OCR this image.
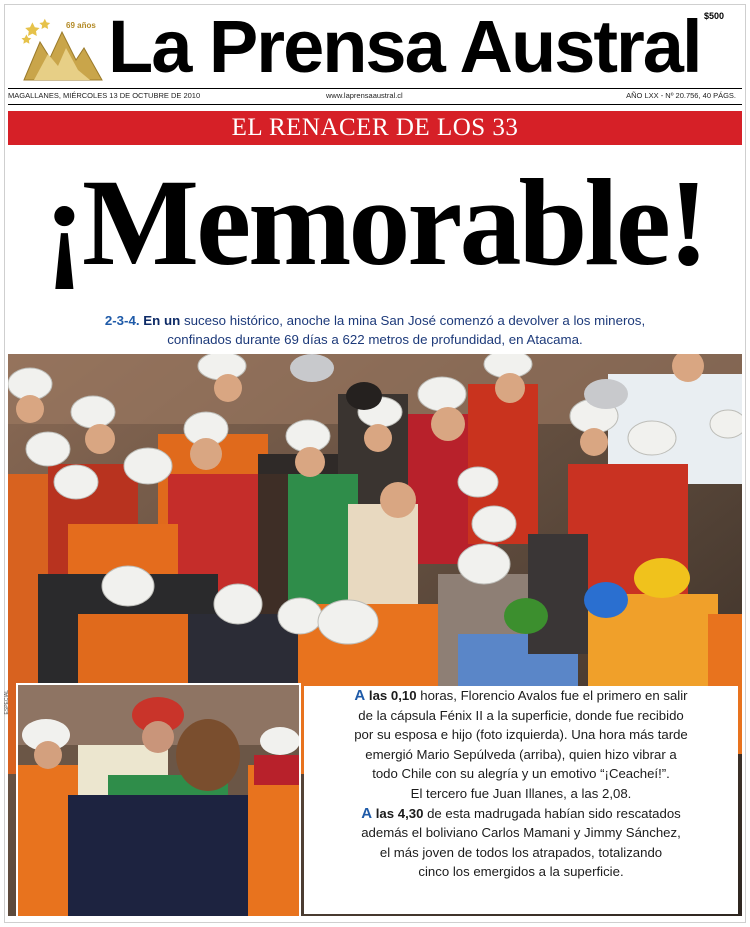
69 años La Prensa Austral $500
MAGALLANES, MIÉRCOLES 13 DE OCTUBRE DE 2010	www.laprensaaustral.cl	AÑO LXX - Nº 20.756, 40 PÁGS.
EL RENACER DE LOS 33
¡Memorable!
2-3-4. En un suceso histórico, anoche la mina San José comenzó a devolver a los mineros,
confinados durante 69 días a 622 metros de profundidad, en Atacama.
ESPECIAL	A las 0,10 horas, Florencio Avalos fue el primero en salir
de la cápsula Fénix II a la superficie, donde fue recibido
por su esposa e hijo (foto izquierda). Una hora más tarde
emergió Mario Sepúlveda (arriba), quien hizo vibrar a
todo Chile con su alegría y un emotivo “¡Ceacheí!”.
El tercero fue Juan Illanes, a las 2,08.

A las 4,30 de esta madrugada habían sido rescatados
además el boliviano Carlos Mamani y Jimmy Sánchez,
el más joven de todos los atrapados, totalizando
cinco los emergidos a la superficie.
